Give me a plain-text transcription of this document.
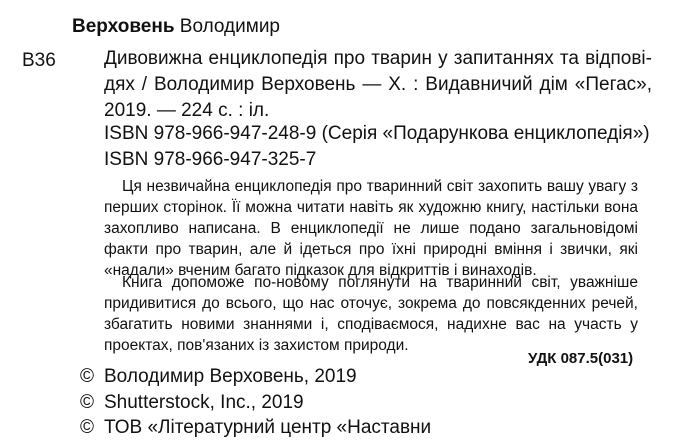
Верховень Володимир
В36	Дивовижна енциклопедія про тварин у запитаннях та відпові-
дях / Володимир Верховень — Х. : Видавничий дім «Пегас»,
2019. — 224 с. : іл.
ISBN 978-966-947-248-9 (Серія «Подарункова енциклопедія»)
ISBN 978-966-947-325-7

Ця незвичайна енциклопедія про тваринний світ захопить вашу увагу з перших сторінок. Її можна читати навіть як художню книгу, настільки вона захопливо написана. В енциклопедії не лише подано загальновідомі факти про тварин, але й ідеться про їхні природні вміння і звички, які «надали» вченим багато підказок для відкриттів і винаходів.

Книга допоможе по-новому поглянути на тваринний світ, уважніше придивитися до всього, що нас оточує, зокрема до повсякденних речей, збагатить новими знаннями і, сподіваємося, надихне вас на участь у проектах, пов'язаних із захистом природи.

УДК 087.5(031)
© Володимир Верховень, 2019
© Shutterstock, Inc., 2019
© ТОВ «Літературний центр «Наставни
